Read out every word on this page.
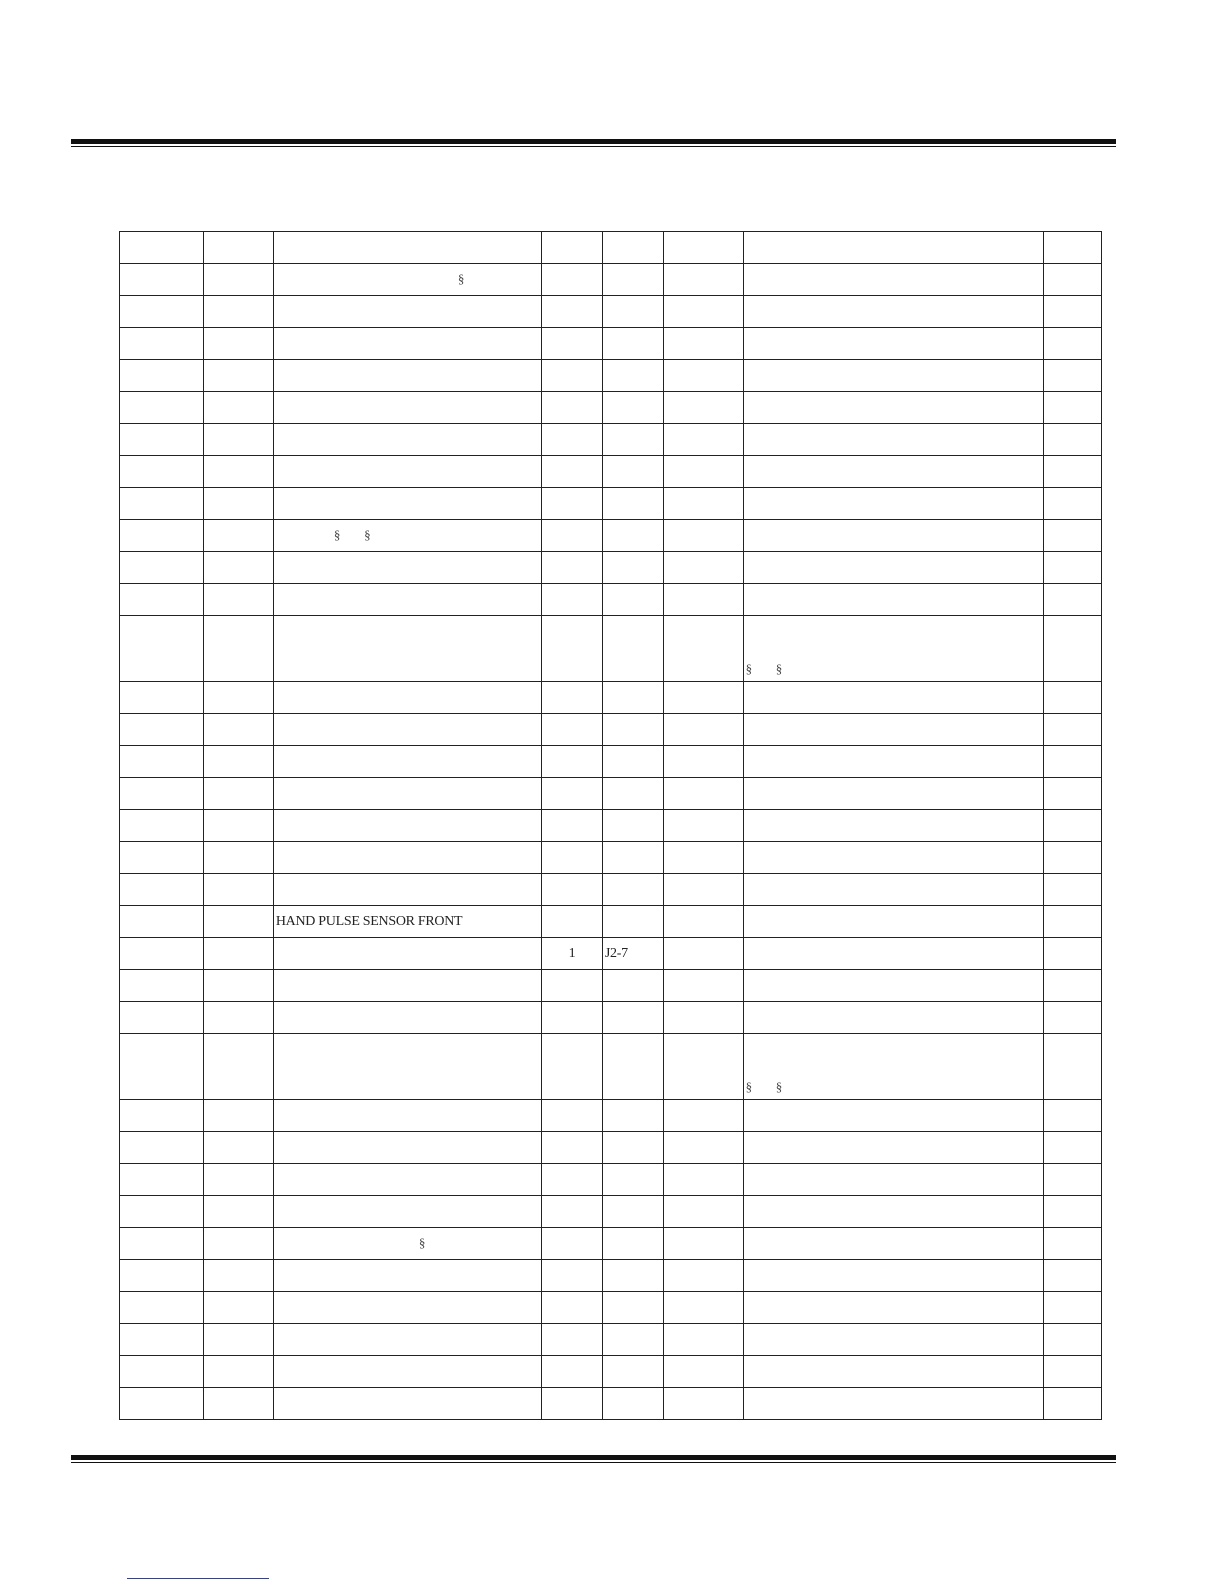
		§					

		§ §					

						§ §	

		HAND PULSE SENSOR FRONT					
			1	J2-7			

						§ §	

		§					
